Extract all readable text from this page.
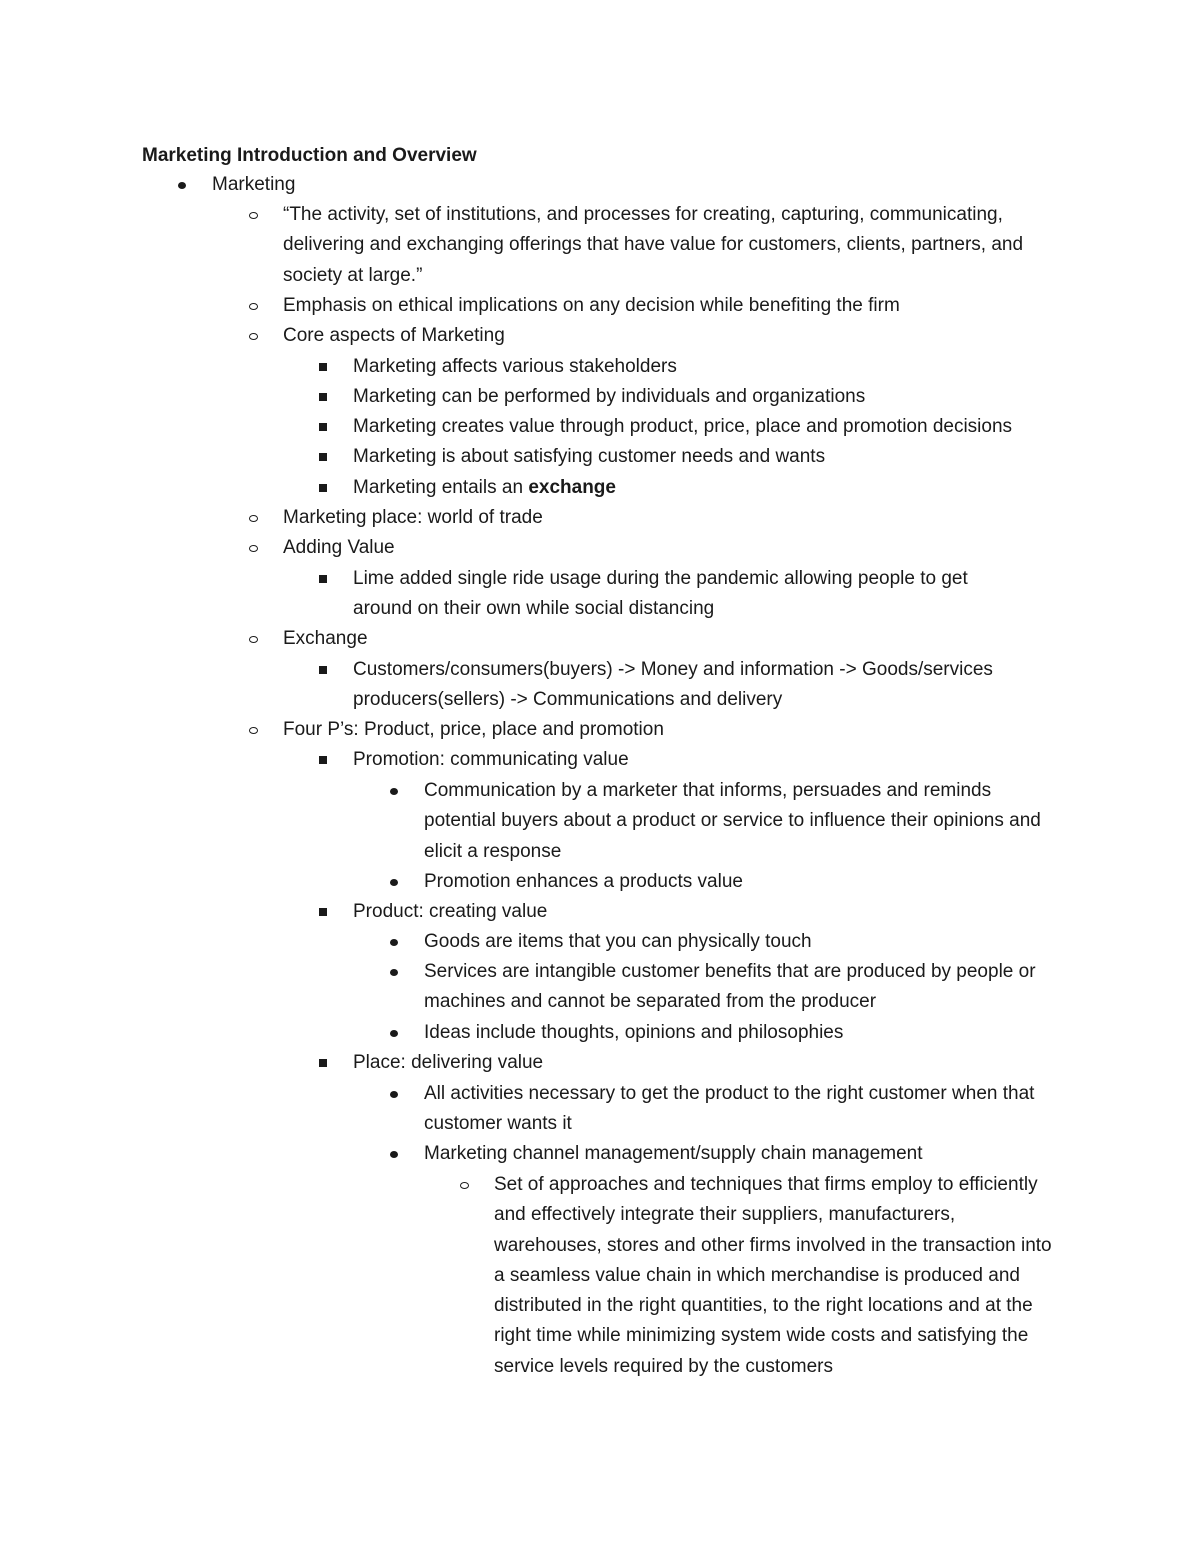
Marketing Introduction and Overview
Marketing
“The activity, set of institutions, and processes for creating, capturing, communicating, delivering and exchanging offerings that have value for customers, clients, partners, and society at large.”
Emphasis on ethical implications on any decision while benefiting the firm
Core aspects of Marketing
Marketing affects various stakeholders
Marketing can be performed by individuals and organizations
Marketing creates value through product, price, place and promotion decisions
Marketing is about satisfying customer needs and wants
Marketing entails an exchange
Marketing place: world of trade
Adding Value
Lime added single ride usage during the pandemic allowing people to get around on their own while social distancing
Exchange
Customers/consumers(buyers) -> Money and information -> Goods/services producers(sellers) -> Communications and delivery
Four P’s: Product, price, place and promotion
Promotion: communicating value
Communication by a marketer that informs, persuades and reminds potential buyers about a product or service to influence their opinions and elicit a response
Promotion enhances a products value
Product: creating value
Goods are items that you can physically touch
Services are intangible customer benefits that are produced by people or machines and cannot be separated from the producer
Ideas include thoughts, opinions and philosophies
Place: delivering value
All activities necessary to get the product to the right customer when that customer wants it
Marketing channel management/supply chain management
Set of approaches and techniques that firms employ to efficiently and effectively integrate their suppliers, manufacturers, warehouses, stores and other firms involved in the transaction into a seamless value chain in which merchandise is produced and distributed in the right quantities, to the right locations and at the right time while minimizing system wide costs and satisfying the service levels required by the customers
